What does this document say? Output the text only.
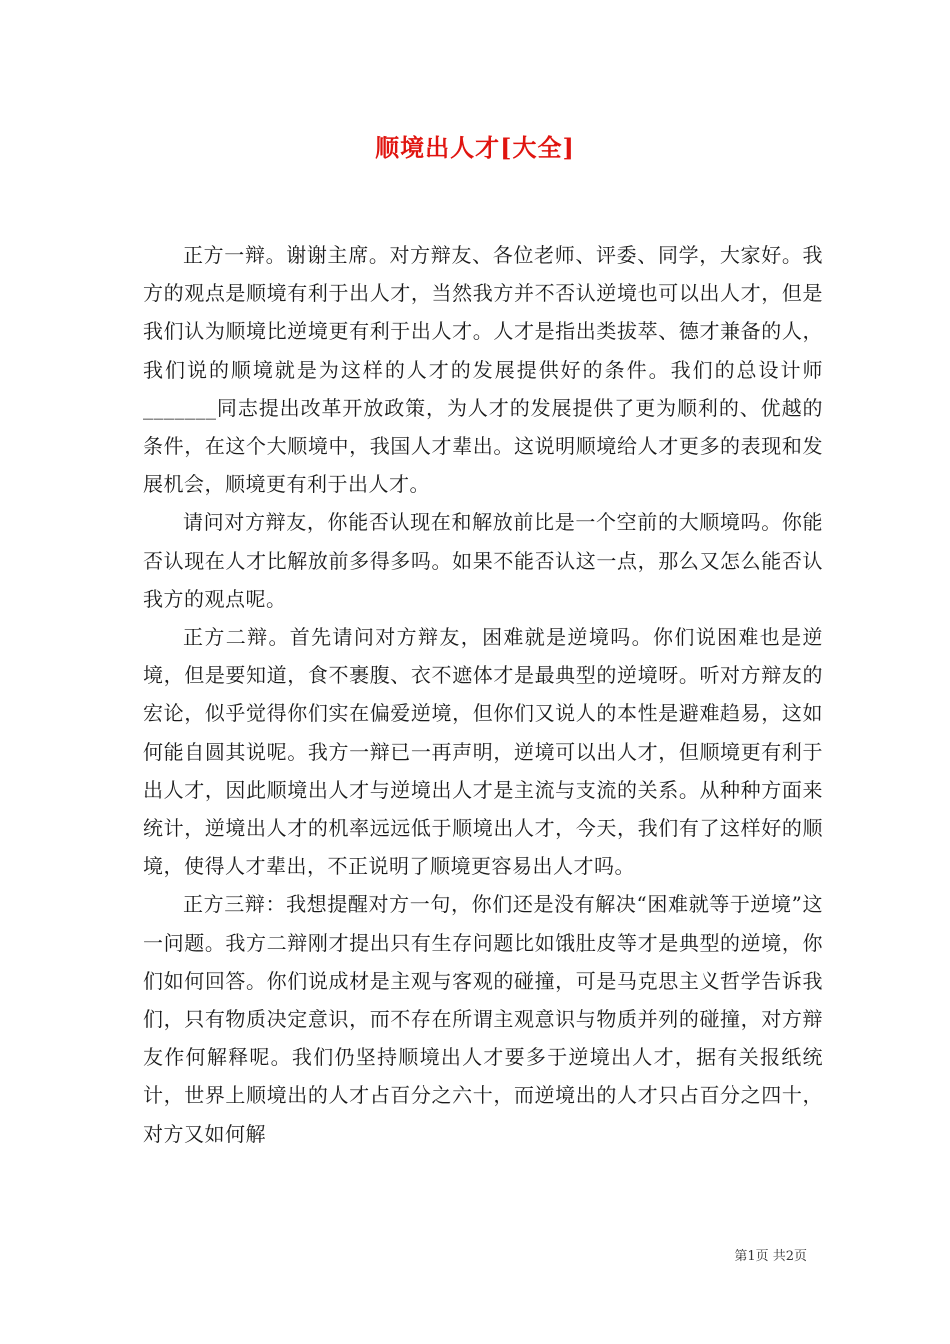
顺境出人才[大全]

正方一辩。谢谢主席。对方辩友、各位老师、评委、同学，大家好。我方的观点是顺境有利于出人才，当然我方并不否认逆境也可以出人才，但是我们认为顺境比逆境更有利于出人才。人才是指出类拔萃、德才兼备的人，我们说的顺境就是为这样的人才的发展提供好的条件。我们的总设计师_______同志提出改革开放政策，为人才的发展提供了更为顺利的、优越的条件，在这个大顺境中，我国人才辈出。这说明顺境给人才更多的表现和发展机会，顺境更有利于出人才。

请问对方辩友，你能否认现在和解放前比是一个空前的大顺境吗。你能否认现在人才比解放前多得多吗。如果不能否认这一点，那么又怎么能否认我方的观点呢。

正方二辩。首先请问对方辩友，困难就是逆境吗。你们说困难也是逆境，但是要知道，食不裹腹、衣不遮体才是最典型的逆境呀。听对方辩友的宏论，似乎觉得你们实在偏爱逆境，但你们又说人的本性是避难趋易，这如何能自圆其说呢。我方一辩已一再声明，逆境可以出人才，但顺境更有利于出人才，因此顺境出人才与逆境出人才是主流与支流的关系。从种种方面来统计，逆境出人才的机率远远低于顺境出人才，今天，我们有了这样好的顺境，使得人才辈出，不正说明了顺境更容易出人才吗。

正方三辩：我想提醒对方一句，你们还是没有解决“困难就等于逆境”这一问题。我方二辩刚才提出只有生存问题比如饿肚皮等才是典型的逆境，你们如何回答。你们说成材是主观与客观的碰撞，可是马克思主义哲学告诉我们，只有物质决定意识，而不存在所谓主观意识与物质并列的碰撞，对方辩友作何解释呢。我们仍坚持顺境出人才要多于逆境出人才，据有关报纸统计，世界上顺境出的人才占百分之六十，而逆境出的人才只占百分之四十，对方又如何解

第1页 共2页
